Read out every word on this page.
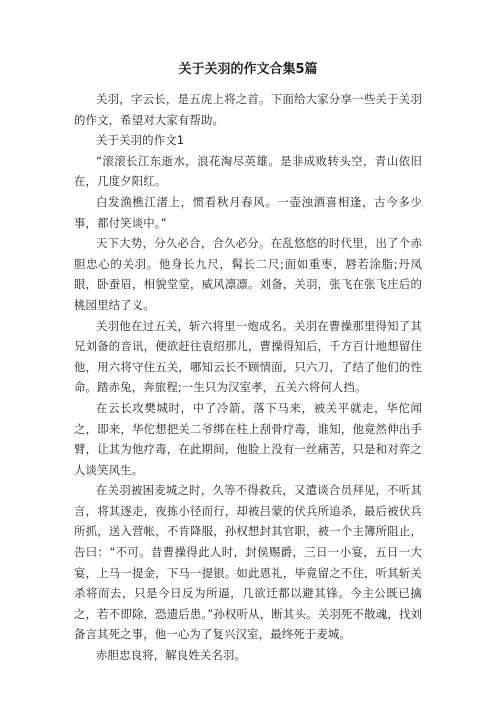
关于关羽的作文合集5篇

关羽，字云长，是五虎上将之首。下面给大家分享一些关于关羽的作文，希望对大家有帮助。

关于关羽的作文1

“滚滚长江东逝水，浪花淘尽英雄。是非成败转头空，青山依旧在，几度夕阳红。

白发渔樵江渚上，惯看秋月春风。一壶浊酒喜相逢，古今多少事，都付笑谈中。”

天下大势，分久必合，合久必分。在乱悠悠的时代里，出了个赤胆忠心的关羽。他身长九尺，髯长二尺;面如重枣，唇若涂脂;丹凤眼，卧蚕眉，相貌堂堂，威风凛凛。刘备，关羽，张飞在张飞庄后的桃园里结了义。

关羽他在过五关，斩六将里一炮成名。关羽在曹操那里得知了其兄刘备的音讯，便欲赶往袁绍那儿，曹操得知后，千方百计地想留住他，用六将守住五关，哪知云长不顾情面，只六刀，了结了他们的性命。踏赤兔，奔旅程;一生只为汉室孝，五关六将何人挡。

在云长攻樊城时，中了冷箭，落下马来，被关平就走，华佗闻之，即来，华佗想把关二爷绑在柱上刮骨疗毒，谁知，他竟然伸出手臂，让其为他疗毒，在此期间，他脸上没有一丝痛苦，只是和对弈之人谈笑风生。

在关羽被困麦城之时，久等不得救兵，又遣谈合员拜见，不听其言，将其逐走，夜拣小径而行，却被吕蒙的伏兵所追杀，最后被伏兵所抓，送入营帐，不肯降服，孙权想封其官职，被一个主簿所阻止，告曰：“不可。昔曹操得此人时，封侯赐爵，三日一小宴，五日一大宴，上马一提金，下马一提银。如此恩礼，毕竟留之不住，听其斩关杀将而去，只是今日反为所逼，几欲迁都以避其锋。今主公既已擒之，若不即除，恐遗后患。”孙权听从，断其头。关羽死不散魂，找刘备言其死之事，他一心为了复兴汉室，最终死于麦城。

赤胆忠良将，解良姓关名羽。
